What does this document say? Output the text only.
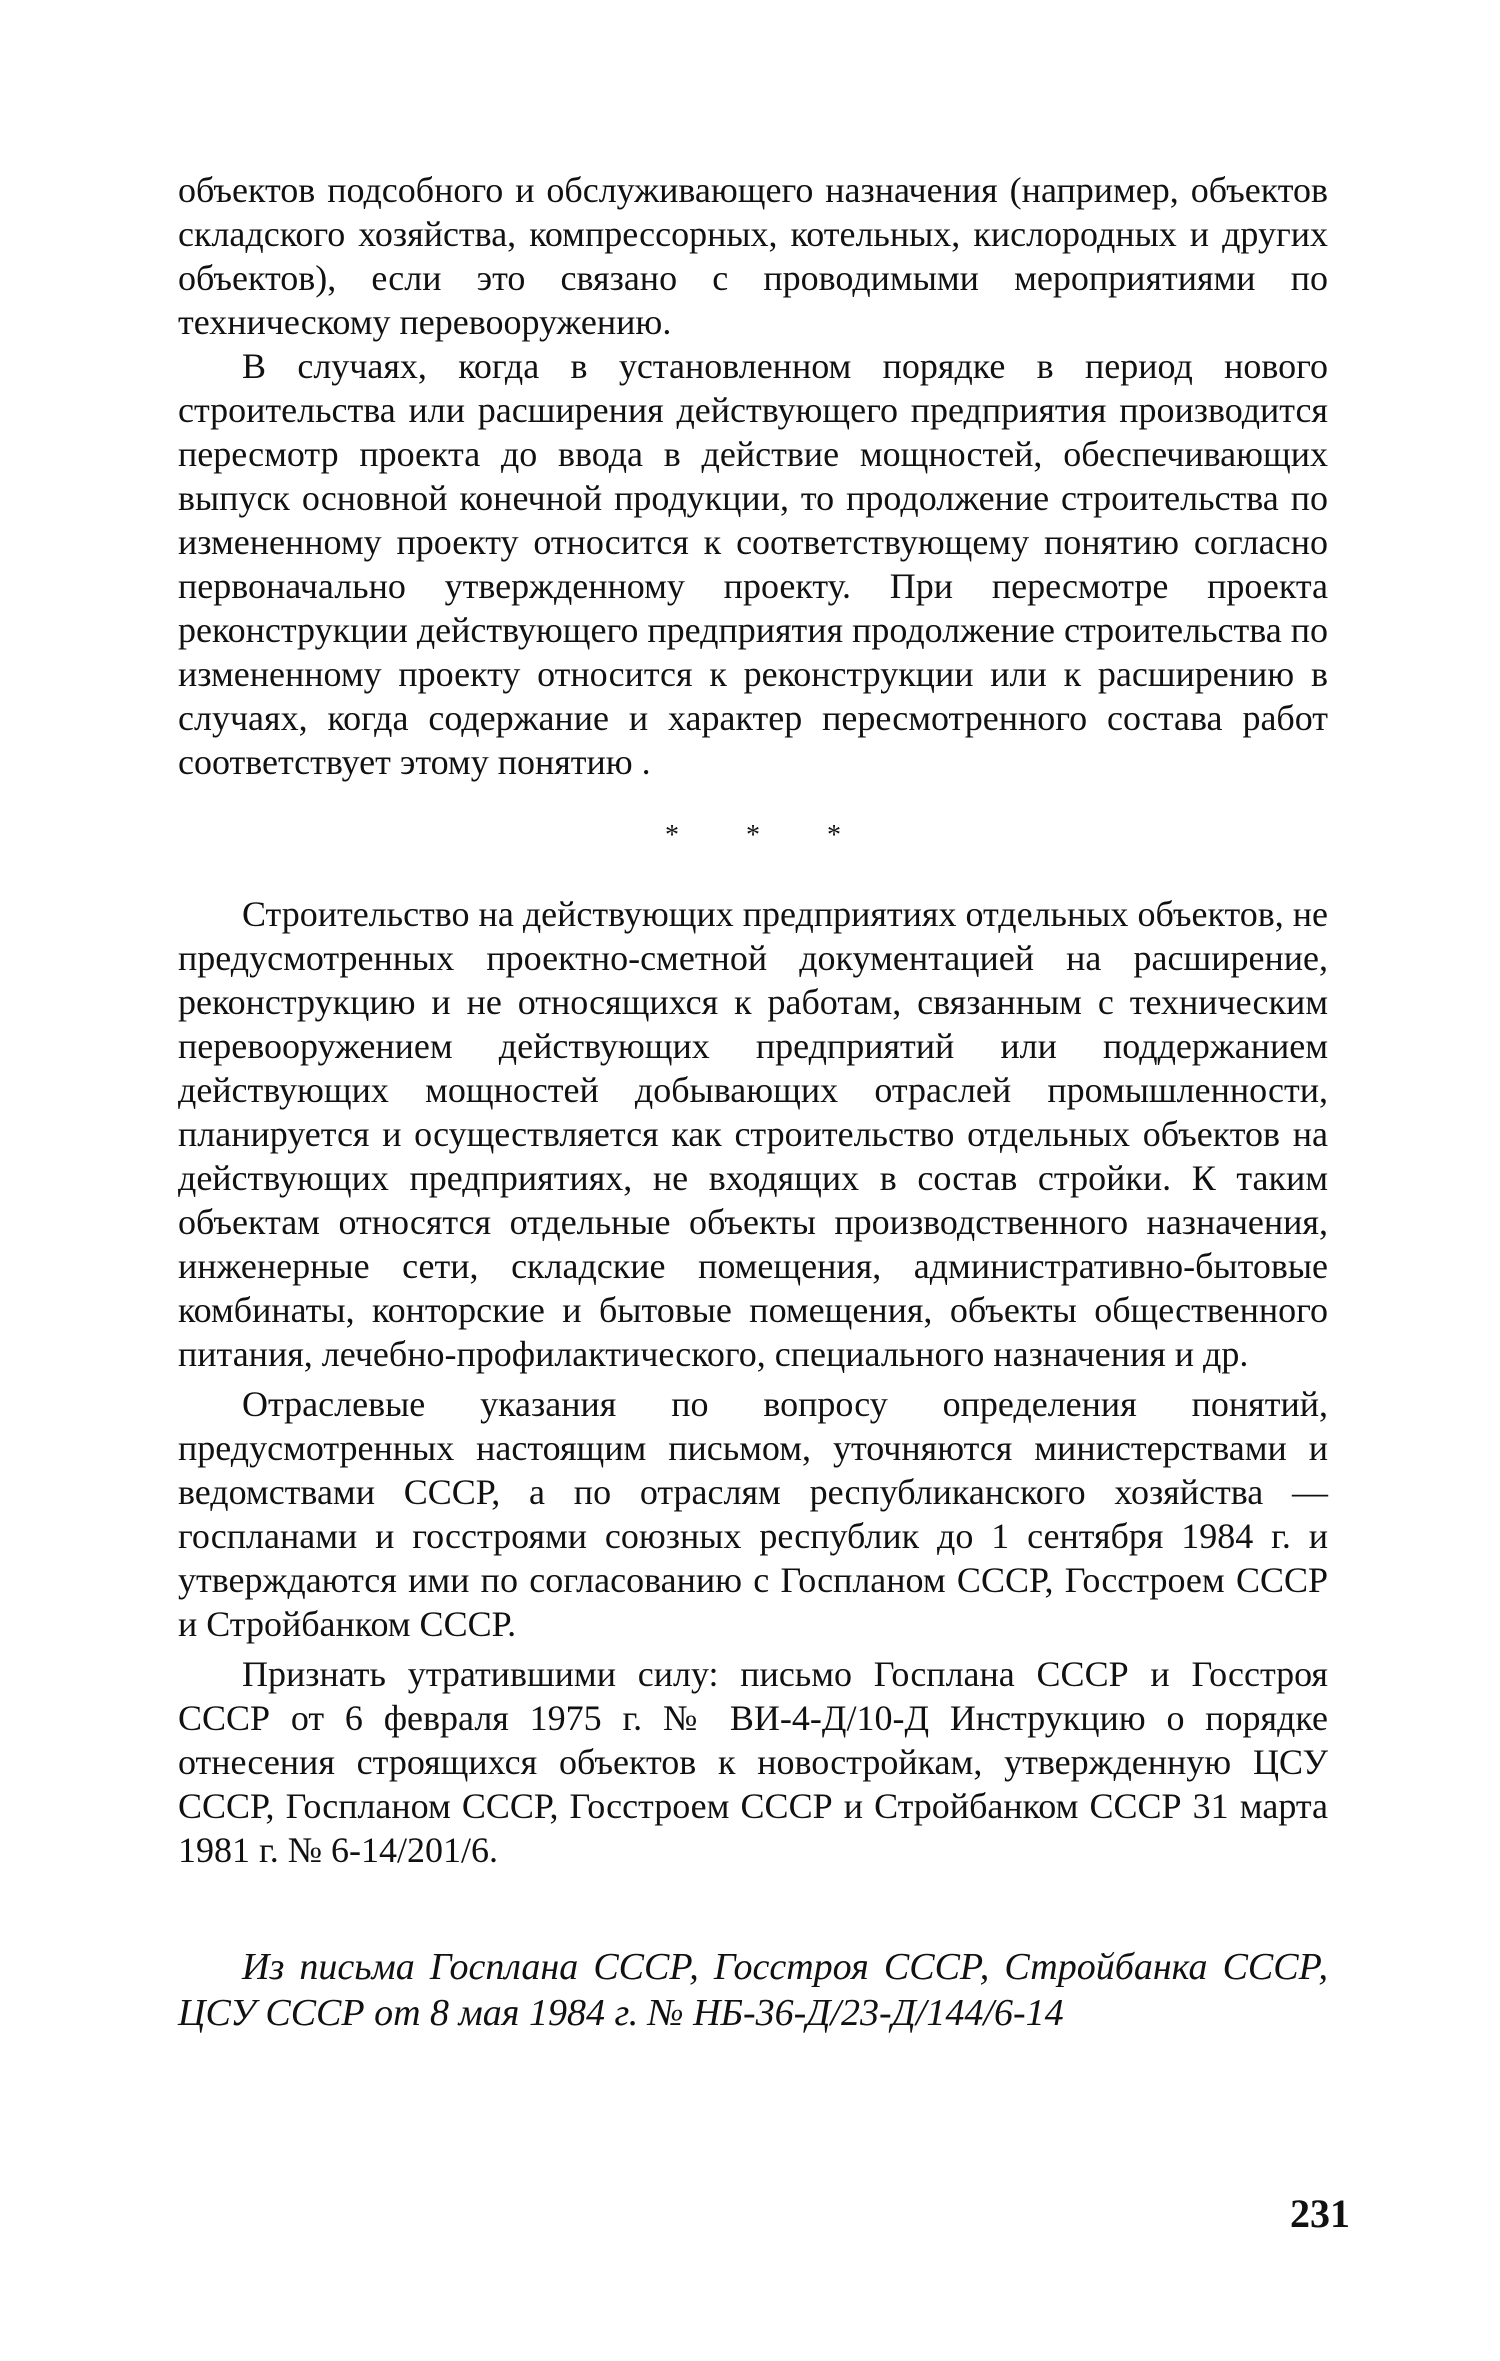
объектов подсобного и обслуживающего назначения (например, объектов складского хозяйства, компрессорных, котельных, кислородных и других объектов), если это связано с проводимыми мероприятиями по техническому перевооружению.

В случаях, когда в установленном порядке в период нового строительства или расширения действующего предприятия производится пересмотр проекта до ввода в действие мощностей, обеспечивающих выпуск основной конечной продукции, то продолжение строительства по измененному проекту относится к соответствующему понятию согласно первоначально утвержденному проекту. При пересмотре проекта реконструкции действующего предприятия продолжение строительства по измененному проекту относится к реконструкции или к расширению в случаях, когда содержание и характер пересмотренного состава работ соответствует этому понятию .

* * *

Строительство на действующих предприятиях отдельных объектов, не предусмотренных проектно-сметной документацией на расширение, реконструкцию и не относящихся к работам, связанным с техническим перевооружением действующих предприятий или поддержанием действующих мощностей добывающих отраслей промышленности, планируется и осуществляется как строительство отдельных объектов на действующих предприятиях, не входящих в состав стройки. К таким объектам относятся отдельные объекты производственного назначения, инженерные сети, складские помещения, административно-бытовые комбинаты, конторские и бытовые помещения, объекты общественного питания, лечебно-профилактического, специального назначения и др.

Отраслевые указания по вопросу определения понятий, предусмотренных настоящим письмом, уточняются министерствами и ведомствами СССР, а по отраслям республиканского хозяйства — госпланами и госстроями союзных республик до 1 сентября 1984 г. и утверждаются ими по согласованию с Госпланом СССР, Госстроем СССР и Стройбанком СССР.

Признать утратившими силу: письмо Госплана СССР и Госстроя СССР от 6 февраля 1975 г. № ВИ-4-Д/10-Д Инструкцию о порядке отнесения строящихся объектов к новостройкам, утвержденную ЦСУ СССР, Госпланом СССР, Госстроем СССР и Стройбанком СССР 31 марта 1981 г. № 6-14/201/6.

Из письма Госплана СССР, Госстроя СССР, Стройбанка СССР, ЦСУ СССР от 8 мая 1984 г. № НБ-36-Д/23-Д/144/6-14

231
